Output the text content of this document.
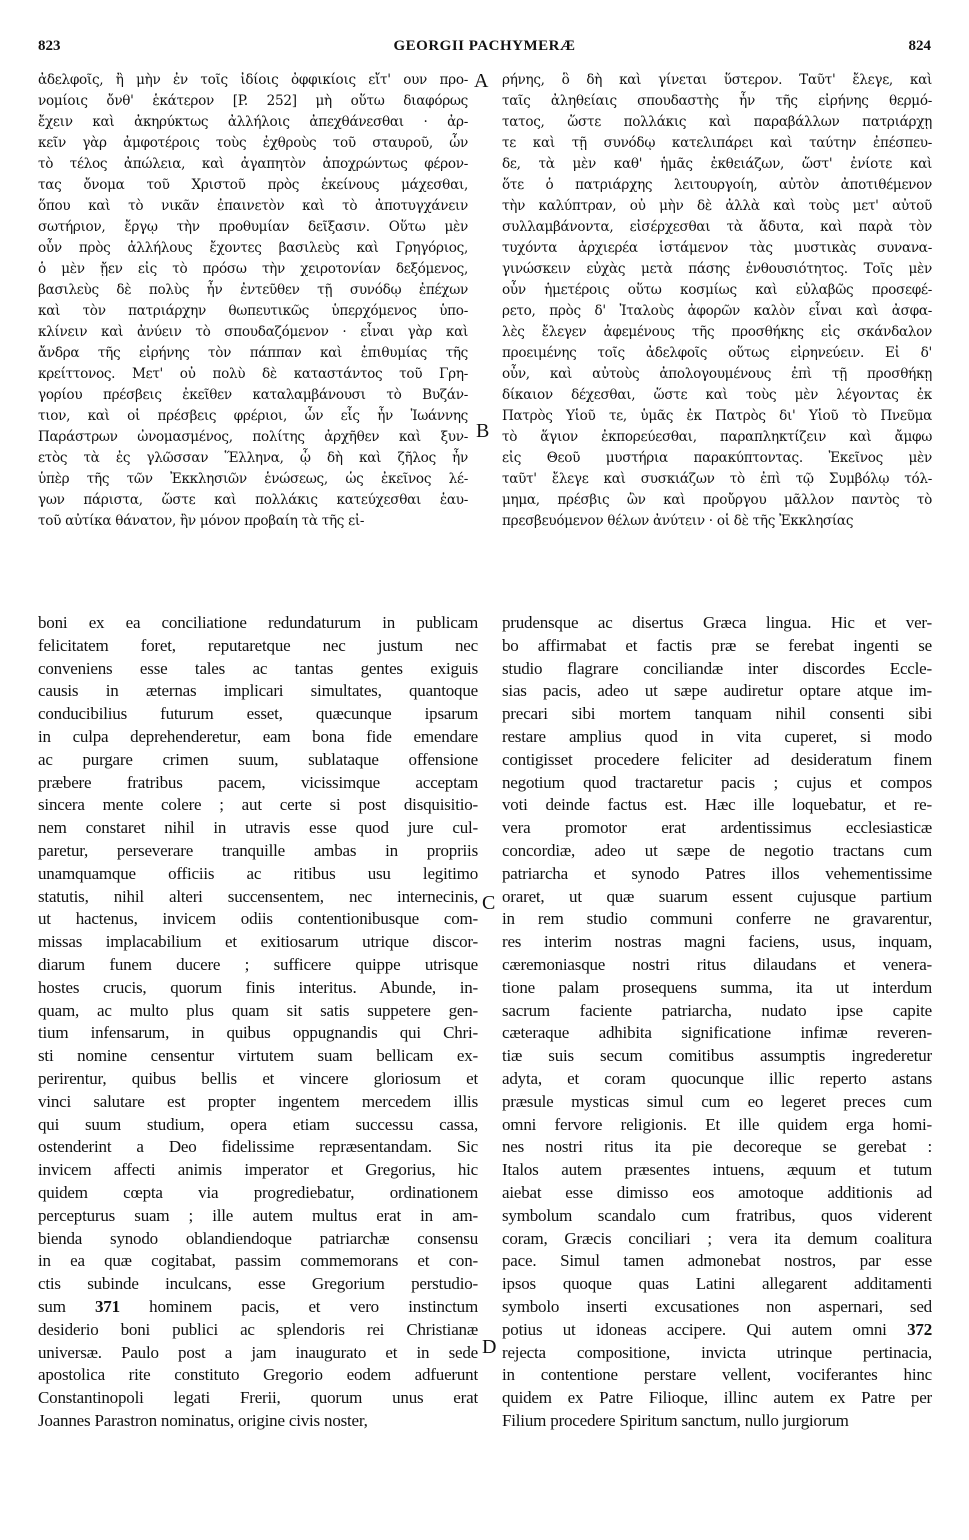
GEORGII PACHYMERÆ
823	824
ἀδελφοῖς, ἢ μὴν ἐν τοῖς ἰδίοις ὀφφικίοις εἴτ' ουν προ-
νομίοις ὄνθ' ἑκάτερον [P. 252] μὴ οὕτω διαφόρως
ἔχειν καὶ ἀκηρύκτως ἀλλήλοις ἀπεχθάνεσθαι · ἀρ-
κεῖν γὰρ ἀμφοτέροις τοὺς ἐχθροὺς τοῦ σταυροῦ, ὧν
τὸ τέλος ἀπώλεια, καὶ ἀγαπητὸν ἀποχρώντως φέρον-
τας ὄνομα τοῦ Χριστοῦ πρὸς ἐκείνους μάχεσθαι,
ὅπου καὶ τὸ νικᾶν ἐπαινετὸν καὶ τὸ ἀποτυγχάνειν
σωτήριον, ἔργῳ τὴν προθυμίαν δεῖξασιν. Οὕτω μὲν
οὖν πρὸς ἀλλήλους ἔχοντες βασιλεὺς καὶ Γρηγόριος,
ὁ μὲν ᾔεν εἰς τὸ πρόσω τὴν χειροτονίαν δεξόμενος,
βασιλεὺς δὲ πολὺς ἦν ἐντεῦθεν τῇ συνόδῳ ἐπέχων
καὶ τὸν πατριάρχην θωπευτικῶς ὑπερχόμενος ὑπο-
κλίνειν καὶ ἀνύειν τὸ σπουδαζόμενον · εἶναι γὰρ καὶ
ἄνδρα τῆς εἰρήνης τὸν πάππαν καὶ ἐπιθυμίας τῆς
κρείττονος. Μετ' οὐ πολὺ δὲ καταστάντος τοῦ Γρη-
γορίου πρέσβεις ἐκεῖθεν καταλαμβάνουσι τὸ Βυζάν-
τιον, καὶ οἱ πρέσβεις φρέριοι, ὧν εἷς ἦν Ἰωάννης
Παράστρων ὠνομασμένος, πολίτης ἀρχῆθεν καὶ ξυν-
ετὸς τὰ ἐς γλῶσσαν Ἕλληνα, ᾧ δὴ καὶ ζῆλος ἦν
ὑπὲρ τῆς τῶν Ἐκκλησιῶν ἑνώσεως, ὡς ἐκεῖνος λέ-
γων πάριστα, ὥστε καὶ πολλάκις κατεύχεσθαι ἑαυ-
τοῦ αὐτίκα θάνατον, ἢν μόνον προβαίη τὰ τῆς εἰ-
ρήνης, ὃ δὴ καὶ γίνεται ὕστερον. Ταῦτ' ἔλεγε, καὶ
ταῖς ἀληθείαις σπουδαστὴς ἦν τῆς εἰρήνης θερμό-
τατος, ὥστε πολλάκις καὶ παραβάλλων πατριάρχῃ
τε καὶ τῇ συνόδῳ κατελιπάρει καὶ ταύτην ἐπέσπευ-
δε, τὰ μὲν καθ' ἡμᾶς ἐκθειάζων, ὥστ' ἐνίοτε καὶ
ὅτε ὁ πατριάρχης λειτουργοίη, αὐτὸν ἀποτιθέμενον
τὴν καλύπτραν, οὐ μὴν δὲ ἀλλὰ καὶ τοὺς μετ' αὐτοῦ
συλλαμβάνοντα, εἰσέρχεσθαι τὰ ἄδυτα, καὶ παρὰ τὸν
τυχόντα ἀρχιερέα ἱστάμενον τὰς μυστικὰς συνανα-
γινώσκειν εὐχὰς μετὰ πάσης ἐνθουσιότητος. Τοῖς μὲν
οὖν ἡμετέροις οὕτω κοσμίως καὶ εὐλαβῶς προσεφέ-
ρετο, πρὸς δ' Ἰταλοὺς ἀφορῶν καλὸν εἶναι καὶ ἀσφα-
λὲς ἔλεγεν ἀφεμένους τῆς προσθήκης εἰς σκάνδαλον
προειμένης τοῖς ἀδελφοῖς οὕτως εἰρηνεύειν. Εἰ δ'
οὖν, καὶ αὐτοὺς ἀπολογουμένους ἐπὶ τῇ προσθήκῃ
δίκαιον δέχεσθαι, ὥστε καὶ τοὺς μὲν λέγοντας ἐκ
Πατρὸς Υἱοῦ τε, ὑμᾶς ἐκ Πατρὸς δι' Υἱοῦ τὸ Πνεῦμα
τὸ ἅγιον ἐκπορεύεσθαι, παραπληκτίζειν καὶ ἄμφω
εἰς Θεοῦ μυστήρια παρακύπτοντας. Ἐκεῖνος μὲν
ταῦτ' ἔλεγε καὶ συσκιάζων τὸ ἐπὶ τῷ Συμβόλῳ τόλ-
μημα, πρέσβις ὢν καὶ προὔργου μᾶλλον παντὸς τὸ
πρεσβευόμενον θέλων ἀνύτειν · οἱ δὲ τῆς Ἐκκλησίας
A
B
boni ex ea conciliatione redundaturum in publicam
felicitatem foret, reputaretque nec justum nec
conveniens esse tales ac tantas gentes exiguis
causis in æternas implicari simultates, quantoque
conducibilius futurum esset, quæcunque ipsarum
in culpa deprehenderetur, eam bona fide emendare
ac purgare crimen suum, sublataque offensione
præbere fratribus pacem, vicissimque acceptam
sincera mente colere ; aut certe si post disquisitio-
nem constaret nihil in utravis esse quod jure cul-
paretur, perseverare tranquille ambas in propriis
unamquamque officiis ac ritibus usu legitimo
statutis, nihil alteri succensentem, nec internecinis,
ut hactenus, invicem odiis contentionibusque com-
missas implacabilium et exitiosarum utrique discor-
diarum funem ducere ; sufficere quippe utrisque
hostes crucis, quorum finis interitus. Abunde, in-
quam, ac multo plus quam sit satis suppetere gen-
tium infensarum, in quibus oppugnandis qui Chri-
sti nomine censentur virtutem suam bellicam ex-
perirentur, quibus bellis et vincere gloriosum et
vinci salutare est propter ingentem mercedem illis
qui suum studium, opera etiam successu cassa,
ostenderint a Deo fidelissime repræsentandam. Sic
invicem affecti animis imperator et Gregorius, hic
quidem cœpta via progrediebatur, ordinationem
percepturus suam ; ille autem multus erat in am-
bienda synodo oblandiendoque patriarchæ consensu
in ea quæ cogitabat, passim commemorans et con-
ctis subinde inculcans, esse Gregorium perstudio-
sum 371 hominem pacis, et vero instinctum
desiderio boni publici ac splendoris rei Christianæ
universæ. Paulo post a jam inaugurato et in sede
apostolica rite constituto Gregorio eodem adfuerunt
Constantinopoli legati Frerii, quorum unus erat
Joannes Parastron nominatus, origine civis noster,
prudensque ac disertus Græca lingua. Hic et ver-
bo affirmabat et factis præ se ferebat ingenti se
studio flagrare conciliandæ inter discordes Eccle-
sias pacis, adeo ut sæpe audiretur optare atque im-
precari sibi mortem tanquam nihil consenti sibi
restare amplius quod in vita cuperet, si modo
contigisset procedere feliciter ad desideratum finem
negotium quod tractaretur pacis ; cujus et compos
voti deinde factus est. Hæc ille loquebatur, et re-
vera promotor erat ardentissimus ecclesiasticæ
concordiæ, adeo ut sæpe de negotio tractans cum
patriarcha et synodo Patres illos vehementissime
oraret, ut quæ suarum essent cujusque partium
in rem studio communi conferre ne gravarentur,
res interim nostras magni faciens, usus, inquam,
cæremoniasque nostri ritus dilaudans et venera-
tione palam prosequens summa, ita ut interdum
sacrum faciente patriarcha, nudato ipse capite
cæteraque adhibita significatione infimæ reveren-
tiæ suis secum comitibus assumptis ingrederetur
adyta, et coram quocunque illic reperto astans
præsule mysticas simul cum eo legeret preces cum
omni fervore religionis. Et ille quidem erga homi-
nes nostri ritus ita pie decoreque se gerebat :
Italos autem præsentes intuens, æquum et tutum
aiebat esse dimisso eos amotoque additionis ad
symbolum scandalo cum fratribus, quos viderent
coram, Græcis conciliari ; vera ita demum coalitura
pace. Simul tamen admonebat nostros, par esse
ipsos quoque quas Latini allegarent additamenti
symbolo inserti excusationes non aspernari, sed
potius ut idoneas accipere. Qui autem omni 372
rejecta compositione, invicta utrinque pertinacia,
in contentione perstare vellent, vociferantes hinc
quidem ex Patre Filioque, illinc autem ex Patre per
Filium procedere Spiritum sanctum, nullo jurgiorum
C
D
